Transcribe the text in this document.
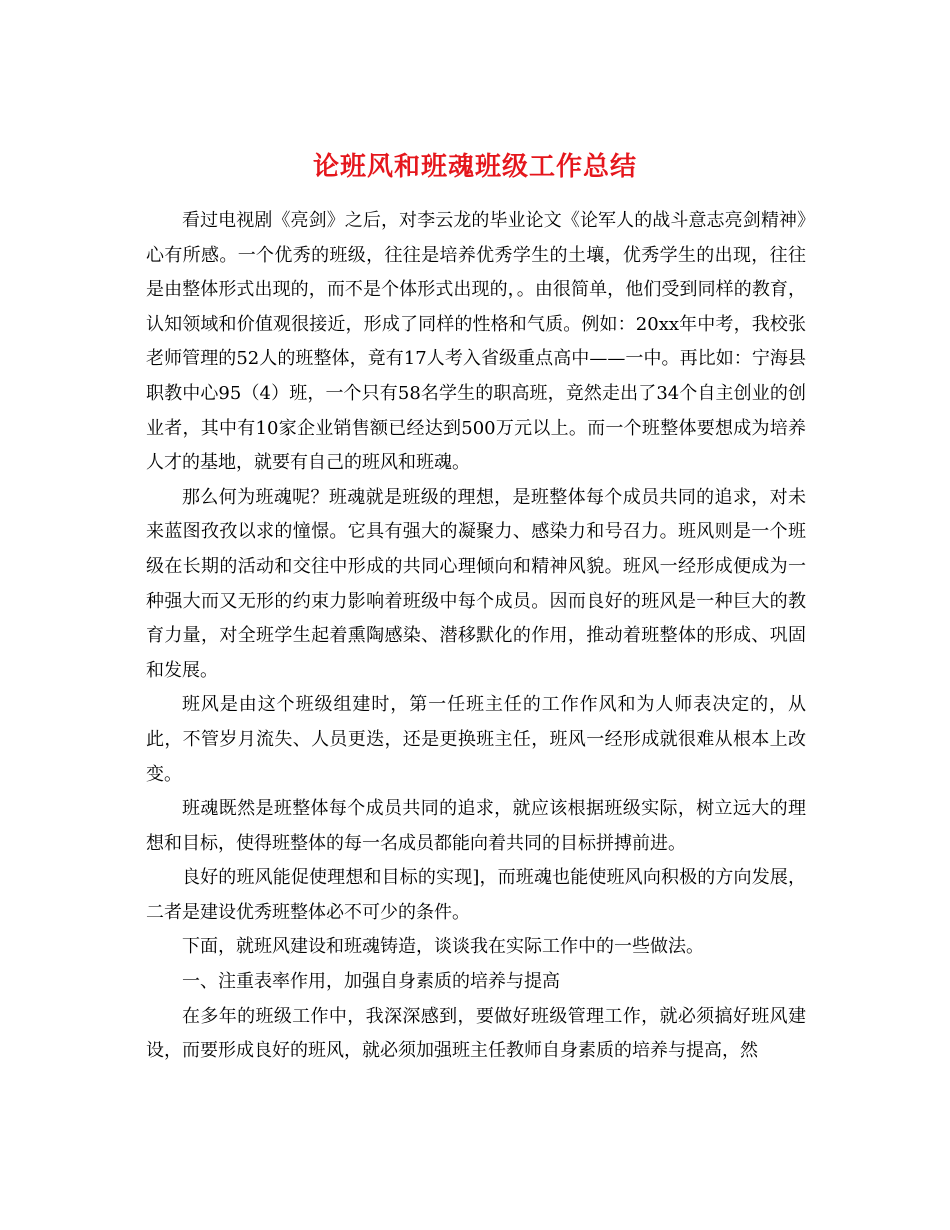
论班风和班魂班级工作总结

看过电视剧《亮剑》之后，对李云龙的毕业论文《论军人的战斗意志亮剑精神》心有所感。一个优秀的班级，往往是培养优秀学生的土壤，优秀学生的出现，往往是由整体形式出现的，而不是个体形式出现的，。由很简单，他们受到同样的教育，认知领域和价值观很接近，形成了同样的性格和气质。例如：20xx年中考，我校张老师管理的52人的班整体，竟有17人考入省级重点高中——一中。再比如：宁海县职教中心95（4）班，一个只有58名学生的职高班，竟然走出了34个自主创业的创业者，其中有10家企业销售额已经达到500万元以上。而一个班整体要想成为培养人才的基地，就要有自己的班风和班魂。

那么何为班魂呢？班魂就是班级的理想，是班整体每个成员共同的追求，对未来蓝图孜孜以求的憧憬。它具有强大的凝聚力、感染力和号召力。班风则是一个班级在长期的活动和交往中形成的共同心理倾向和精神风貌。班风一经形成便成为一种强大而又无形的约束力影响着班级中每个成员。因而良好的班风是一种巨大的教育力量，对全班学生起着熏陶感染、潜移默化的作用，推动着班整体的形成、巩固和发展。

班风是由这个班级组建时，第一任班主任的工作作风和为人师表决定的，从此，不管岁月流失、人员更迭，还是更换班主任，班风一经形成就很难从根本上改变。

班魂既然是班整体每个成员共同的追求，就应该根据班级实际，树立远大的理想和目标，使得班整体的每一名成员都能向着共同的目标拼搏前进。

良好的班风能促使理想和目标的实现]，而班魂也能使班风向积极的方向发展，二者是建设优秀班整体必不可少的条件。

下面，就班风建设和班魂铸造，谈谈我在实际工作中的一些做法。

一、注重表率作用，加强自身素质的培养与提高

在多年的班级工作中，我深深感到，要做好班级管理工作，就必须搞好班风建设，而要形成良好的班风，就必须加强班主任教师自身素质的培养与提高，然
